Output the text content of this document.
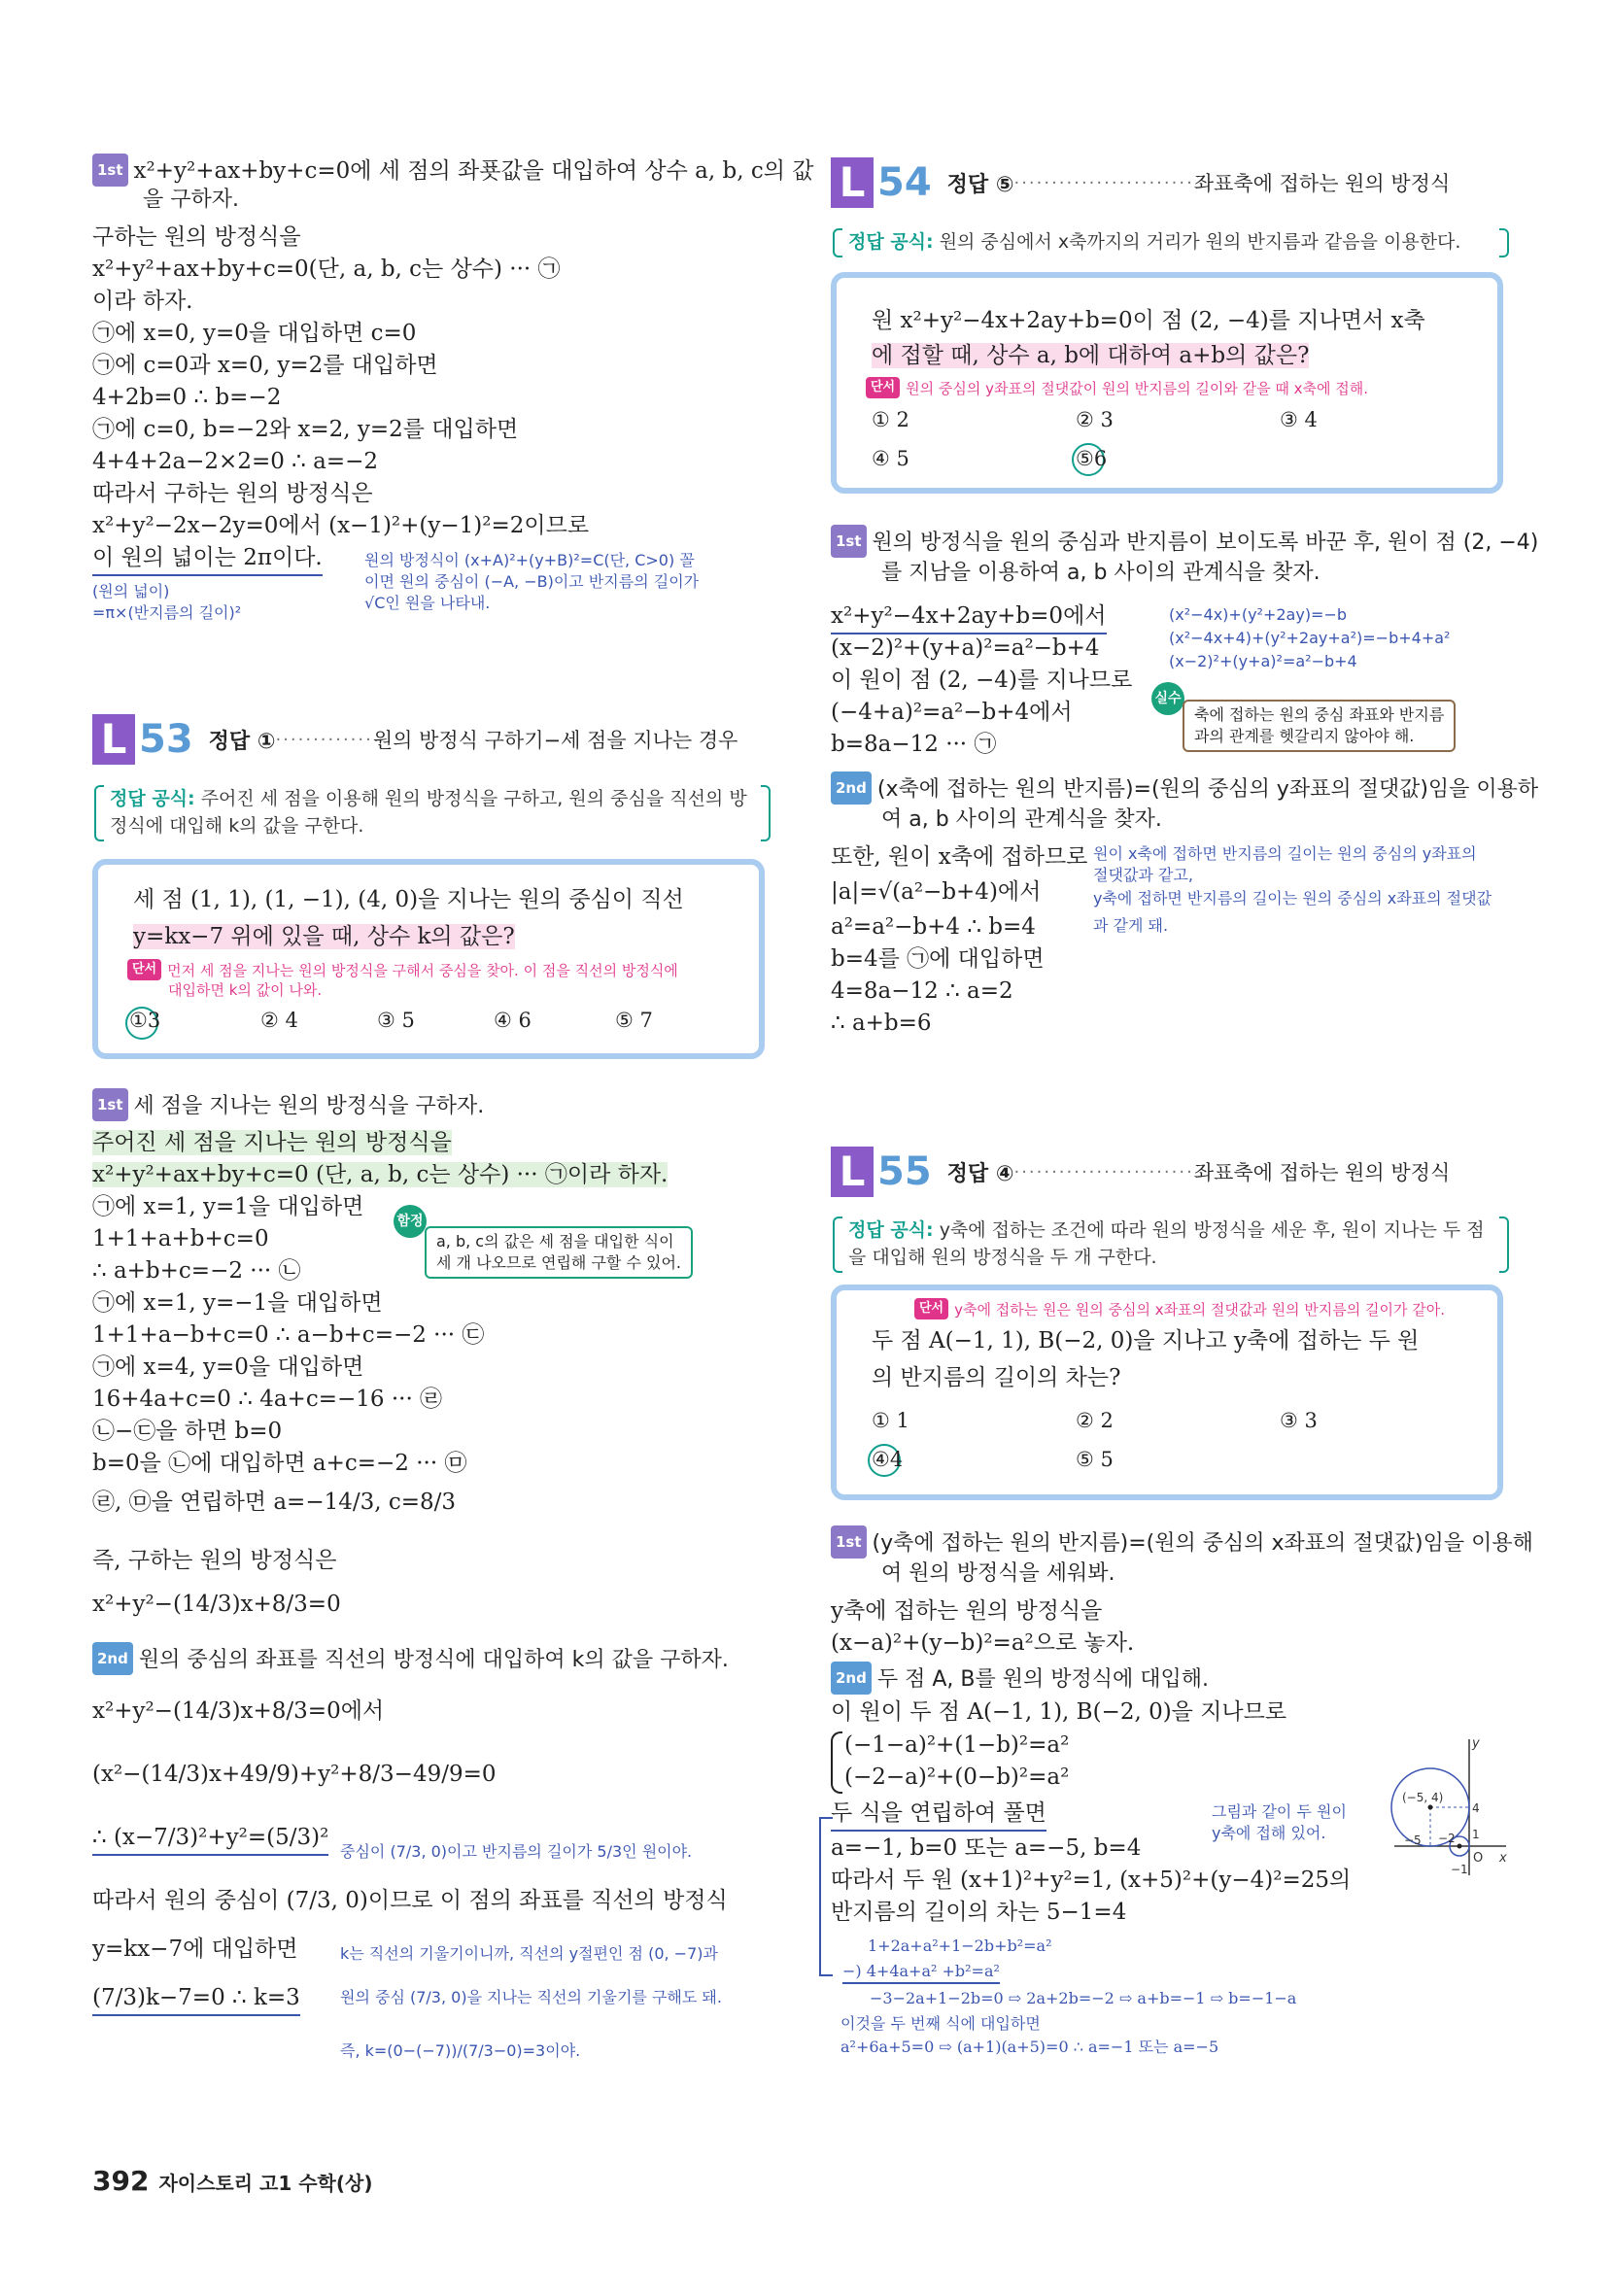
1st x²+y²+ax+by+c=0에 세 점의 좌푯값을 대입하여 상수 a, b, c의 값
을 구하자.
구하는 원의 방정식을
x²+y²+ax+by+c=0(단, a, b, c는 상수) ··· ㉠
이라 하자.
㉠에 x=0, y=0을 대입하면 c=0
㉠에 c=0과 x=0, y=2를 대입하면
4+2b=0 ∴ b=−2
㉠에 c=0, b=−2와 x=2, y=2를 대입하면
4+4+2a−2×2=0 ∴ a=−2
따라서 구하는 원의 방정식은
x²+y²−2x−2y=0에서 (x−1)²+(y−1)²=2이므로
이 원의 넓이는 2π이다.
(원의 넓이)
=π×(반지름의 길이)²
원의 방정식이 (x+A)²+(y+B)²=C(단, C>0) 꼴
이면 원의 중심이 (−A, −B)이고 반지름의 길이가
√C인 원을 나타내.
L 53 정답 ①·············원의 방정식 구하기−세 점을 지나는 경우
정답 공식: 주어진 세 점을 이용해 원의 방정식을 구하고, 원의 중심을 직선의 방
정식에 대입해 k의 값을 구한다.
세 점 (1, 1), (1, −1), (4, 0)을 지나는 원의 중심이 직선
y=kx−7 위에 있을 때, 상수 k의 값은?
단서 먼저 세 점을 지나는 원의 방정식을 구해서 중심을 찾아. 이 점을 직선의 방정식에
대입하면 k의 값이 나와.
①3	② 4	③ 5	④ 6	⑤ 7
1st 세 점을 지나는 원의 방정식을 구하자.
주어진 세 점을 지나는 원의 방정식을
x²+y²+ax+by+c=0 (단, a, b, c는 상수) ··· ㉠이라 하자.
㉠에 x=1, y=1을 대입하면
1+1+a+b+c=0
∴ a+b+c=−2 ··· ㉡
㉠에 x=1, y=−1을 대입하면
1+1+a−b+c=0 ∴ a−b+c=−2 ··· ㉢
㉠에 x=4, y=0을 대입하면
16+4a+c=0 ∴ 4a+c=−16 ··· ㉣
㉡−㉢을 하면 b=0
b=0을 ㉡에 대입하면 a+c=−2 ··· ㉤
㉣, ㉤을 연립하면 a=−14/3, c=8/3
즉, 구하는 원의 방정식은
x²+y²−(14/3)x+8/3=0
함정
a, b, c의 값은 세 점을 대입한 식이
세 개 나오므로 연립해 구할 수 있어.
2nd 원의 중심의 좌표를 직선의 방정식에 대입하여 k의 값을 구하자.
x²+y²−(14/3)x+8/3=0에서
(x²−(14/3)x+49/9)+y²+8/3−49/9=0
∴ (x−7/3)²+y²=(5/3)²
중심이 (7/3, 0)이고 반지름의 길이가 5/3인 원이야.
따라서 원의 중심이 (7/3, 0)이므로 이 점의 좌표를 직선의 방정식
y=kx−7에 대입하면
(7/3)k−7=0 ∴ k=3
k는 직선의 기울기이니까, 직선의 y절편인 점 (0, −7)과
원의 중심 (7/3, 0)을 지나는 직선의 기울기를 구해도 돼.
즉, k=(0−(−7))/(7/3−0)=3이야.
L 54 정답 ⑤························좌표축에 접하는 원의 방정식
정답 공식: 원의 중심에서 x축까지의 거리가 원의 반지름과 같음을 이용한다.
원 x²+y²−4x+2ay+b=0이 점 (2, −4)를 지나면서 x축
에 접할 때, 상수 a, b에 대하여 a+b의 값은?
단서 원의 중심의 y좌표의 절댓값이 원의 반지름의 길이와 같을 때 x축에 접해.
① 2	② 3	③ 4
④ 5	⑤6
1st 원의 방정식을 원의 중심과 반지름이 보이도록 바꾼 후, 원이 점 (2, −4)
를 지남을 이용하여 a, b 사이의 관계식을 찾자.
x²+y²−4x+2ay+b=0에서
(x−2)²+(y+a)²=a²−b+4
이 원이 점 (2, −4)를 지나므로
(−4+a)²=a²−b+4에서
b=8a−12 ··· ㉠
(x²−4x)+(y²+2ay)=−b
(x²−4x+4)+(y²+2ay+a²)=−b+4+a²
(x−2)²+(y+a)²=a²−b+4
실수
축에 접하는 원의 중심 좌표와 반지름
과의 관계를 헷갈리지 않아야 해.
2nd (x축에 접하는 원의 반지름)=(원의 중심의 y좌표의 절댓값)임을 이용하
여 a, b 사이의 관계식을 찾자.
또한, 원이 x축에 접하므로
|a|=√(a²−b+4)에서
a²=a²−b+4 ∴ b=4
b=4를 ㉠에 대입하면
4=8a−12 ∴ a=2
∴ a+b=6
원이 x축에 접하면 반지름의 길이는 원의 중심의 y좌표의
절댓값과 같고,
y축에 접하면 반지름의 길이는 원의 중심의 x좌표의 절댓값
과 같게 돼.
L 55 정답 ④························좌표축에 접하는 원의 방정식
정답 공식: y축에 접하는 조건에 따라 원의 방정식을 세운 후, 원이 지나는 두 점
을 대입해 원의 방정식을 두 개 구한다.
단서 y축에 접하는 원은 원의 중심의 x좌표의 절댓값과 원의 반지름의 길이가 같아.
두 점 A(−1, 1), B(−2, 0)을 지나고 y축에 접하는 두 원
의 반지름의 길이의 차는?
① 1	② 2	③ 3
④4	⑤ 5
1st (y축에 접하는 원의 반지름)=(원의 중심의 x좌표의 절댓값)임을 이용해
여 원의 방정식을 세워봐.
y축에 접하는 원의 방정식을
(x−a)²+(y−b)²=a²으로 놓자.
2nd 두 점 A, B를 원의 방정식에 대입해.
이 원이 두 점 A(−1, 1), B(−2, 0)을 지나므로
(−1−a)²+(1−b)²=a²
(−2−a)²+(0−b)²=a²
두 식을 연립하여 풀면
a=−1, b=0 또는 a=−5, b=4
따라서 두 원 (x+1)²+y²=1, (x+5)²+(y−4)²=25의
반지름의 길이의 차는 5−1=4
그림과 같이 두 원이
y축에 접해 있어.
y
x
O
(−5, 4)
4
−5 −2 1
−1
1+2a+a²+1−2b+b²=a²
−) 4+4a+a² +b²=a²
−3−2a+1−2b=0 ⇨ 2a+2b=−2 ⇨ a+b=−1 ⇨ b=−1−a
이것을 두 번째 식에 대입하면
a²+6a+5=0 ⇨ (a+1)(a+5)=0 ∴ a=−1 또는 a=−5
392 자이스토리 고1 수학(상)
